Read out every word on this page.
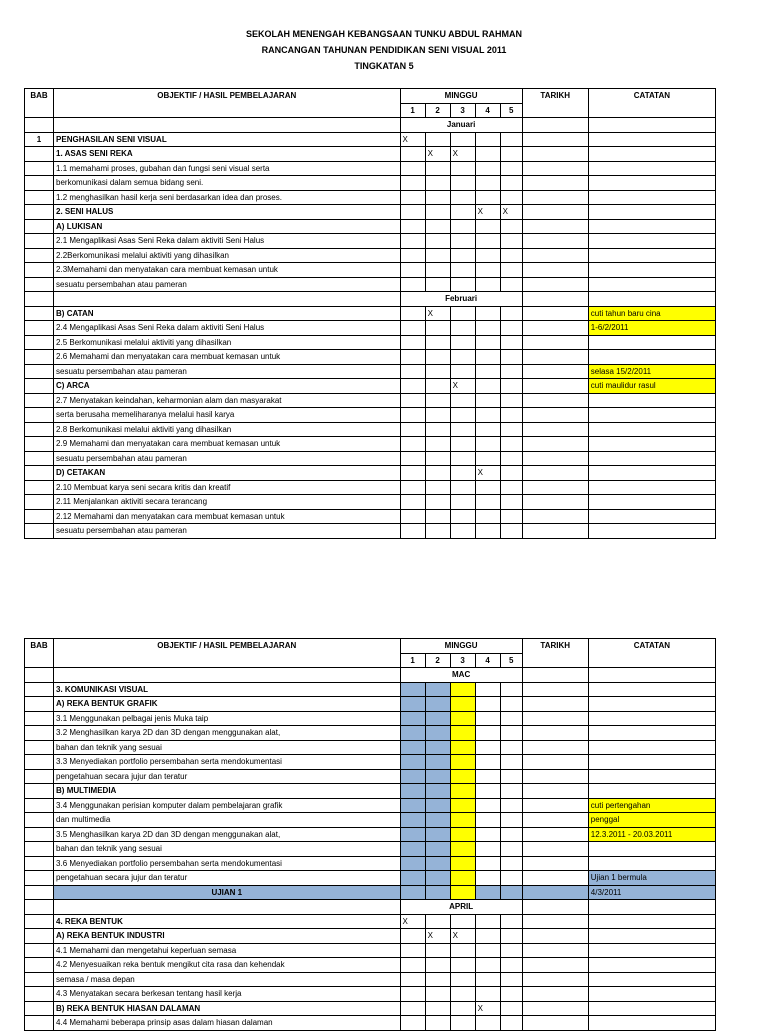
SEKOLAH MENENGAH KEBANGSAAN TUNKU ABDUL RAHMAN
RANCANGAN TAHUNAN PENDIDIKAN SENI VISUAL 2011
TINGKATAN 5
BAB	OBJEKTIF / HASIL PEMBELAJARAN	MINGGU					TARIKH	CATATAN
		1	2	3	4	5		
		Januari						
1	PENGHASILAN SENI VISUAL	X						
	1. ASAS SENI REKA		X	X				
	1.1 memahami proses, gubahan dan fungsi seni visual serta							
	berkomunikasi dalam semua bidang seni.							
	1.2 menghasilkan hasil kerja seni berdasarkan idea dan proses.							
	2. SENI HALUS				X	X		
	A) LUKISAN							
	2.1 Mengaplikasi Asas Seni Reka dalam aktiviti Seni Halus							
	2.2Berkomunikasi melalui aktiviti yang dihasilkan							
	2.3Memahami dan menyatakan cara membuat kemasan untuk							
	sesuatu persembahan atau pameran							
		Februari						
	B) CATAN		X					cuti tahun baru cina
	2.4 Mengaplikasi Asas Seni Reka dalam aktiviti Seni Halus							1-6/2/2011
	2.5 Berkomunikasi melalui aktiviti yang dihasilkan							
	2.6 Memahami dan menyatakan cara membuat kemasan untuk							
	sesuatu persembahan atau pameran							selasa 15/2/2011
	C) ARCA			X				cuti maulidur rasul
	2.7 Menyatakan keindahan, keharmonian alam dan masyarakat							
	serta berusaha memeliharanya melalui hasil karya							
	2.8 Berkomunikasi melalui aktiviti yang dihasilkan							
	2.9 Memahami dan menyatakan cara membuat kemasan untuk							
	sesuatu persembahan atau pameran							
	D) CETAKAN				X			
	2.10 Membuat karya seni secara kritis dan kreatif							
	2.11 Menjalankan aktiviti secara terancang							
	2.12 Memahami dan menyatakan cara membuat kemasan untuk							
	sesuatu persembahan atau pameran							
BAB	OBJEKTIF / HASIL PEMBELAJARAN	MINGGU					TARIKH	CATATAN
		1	2	3	4	5		
		MAC						
	3. KOMUNIKASI VISUAL							
	A) REKA BENTUK GRAFIK							
	3.1 Menggunakan pelbagai jenis Muka taip							
	3.2 Menghasilkan karya 2D dan 3D dengan menggunakan alat,							
	bahan dan teknik yang sesuai							
	3.3 Menyediakan portfolio persembahan serta mendokumentasi							
	pengetahuan secara jujur dan teratur							
	B) MULTIMEDIA							
	3.4 Menggunakan perisian komputer dalam pembelajaran grafik							cuti pertengahan
	dan multimedia							penggal
	3.5 Menghasilkan karya 2D dan 3D dengan menggunakan alat,							12.3.2011 - 20.03.2011
	bahan dan teknik yang sesuai							
	3.6 Menyediakan portfolio persembahan serta mendokumentasi							
	pengetahuan secara jujur dan teratur							Ujian 1 bermula
	UJIAN 1							4/3/2011
		APRIL						
	4. REKA BENTUK	X						
	A) REKA BENTUK INDUSTRI		X	X				
	4.1 Memahami dan mengetahui keperluan semasa							
	4.2 Menyesuaikan reka bentuk mengikut cita rasa dan kehendak							
	semasa / masa depan							
	4.3 Menyatakan secara berkesan tentang hasil kerja							
	B) REKA BENTUK HIASAN DALAMAN				X			
	4.4 Memahami beberapa prinsip asas dalam hiasan dalaman							
